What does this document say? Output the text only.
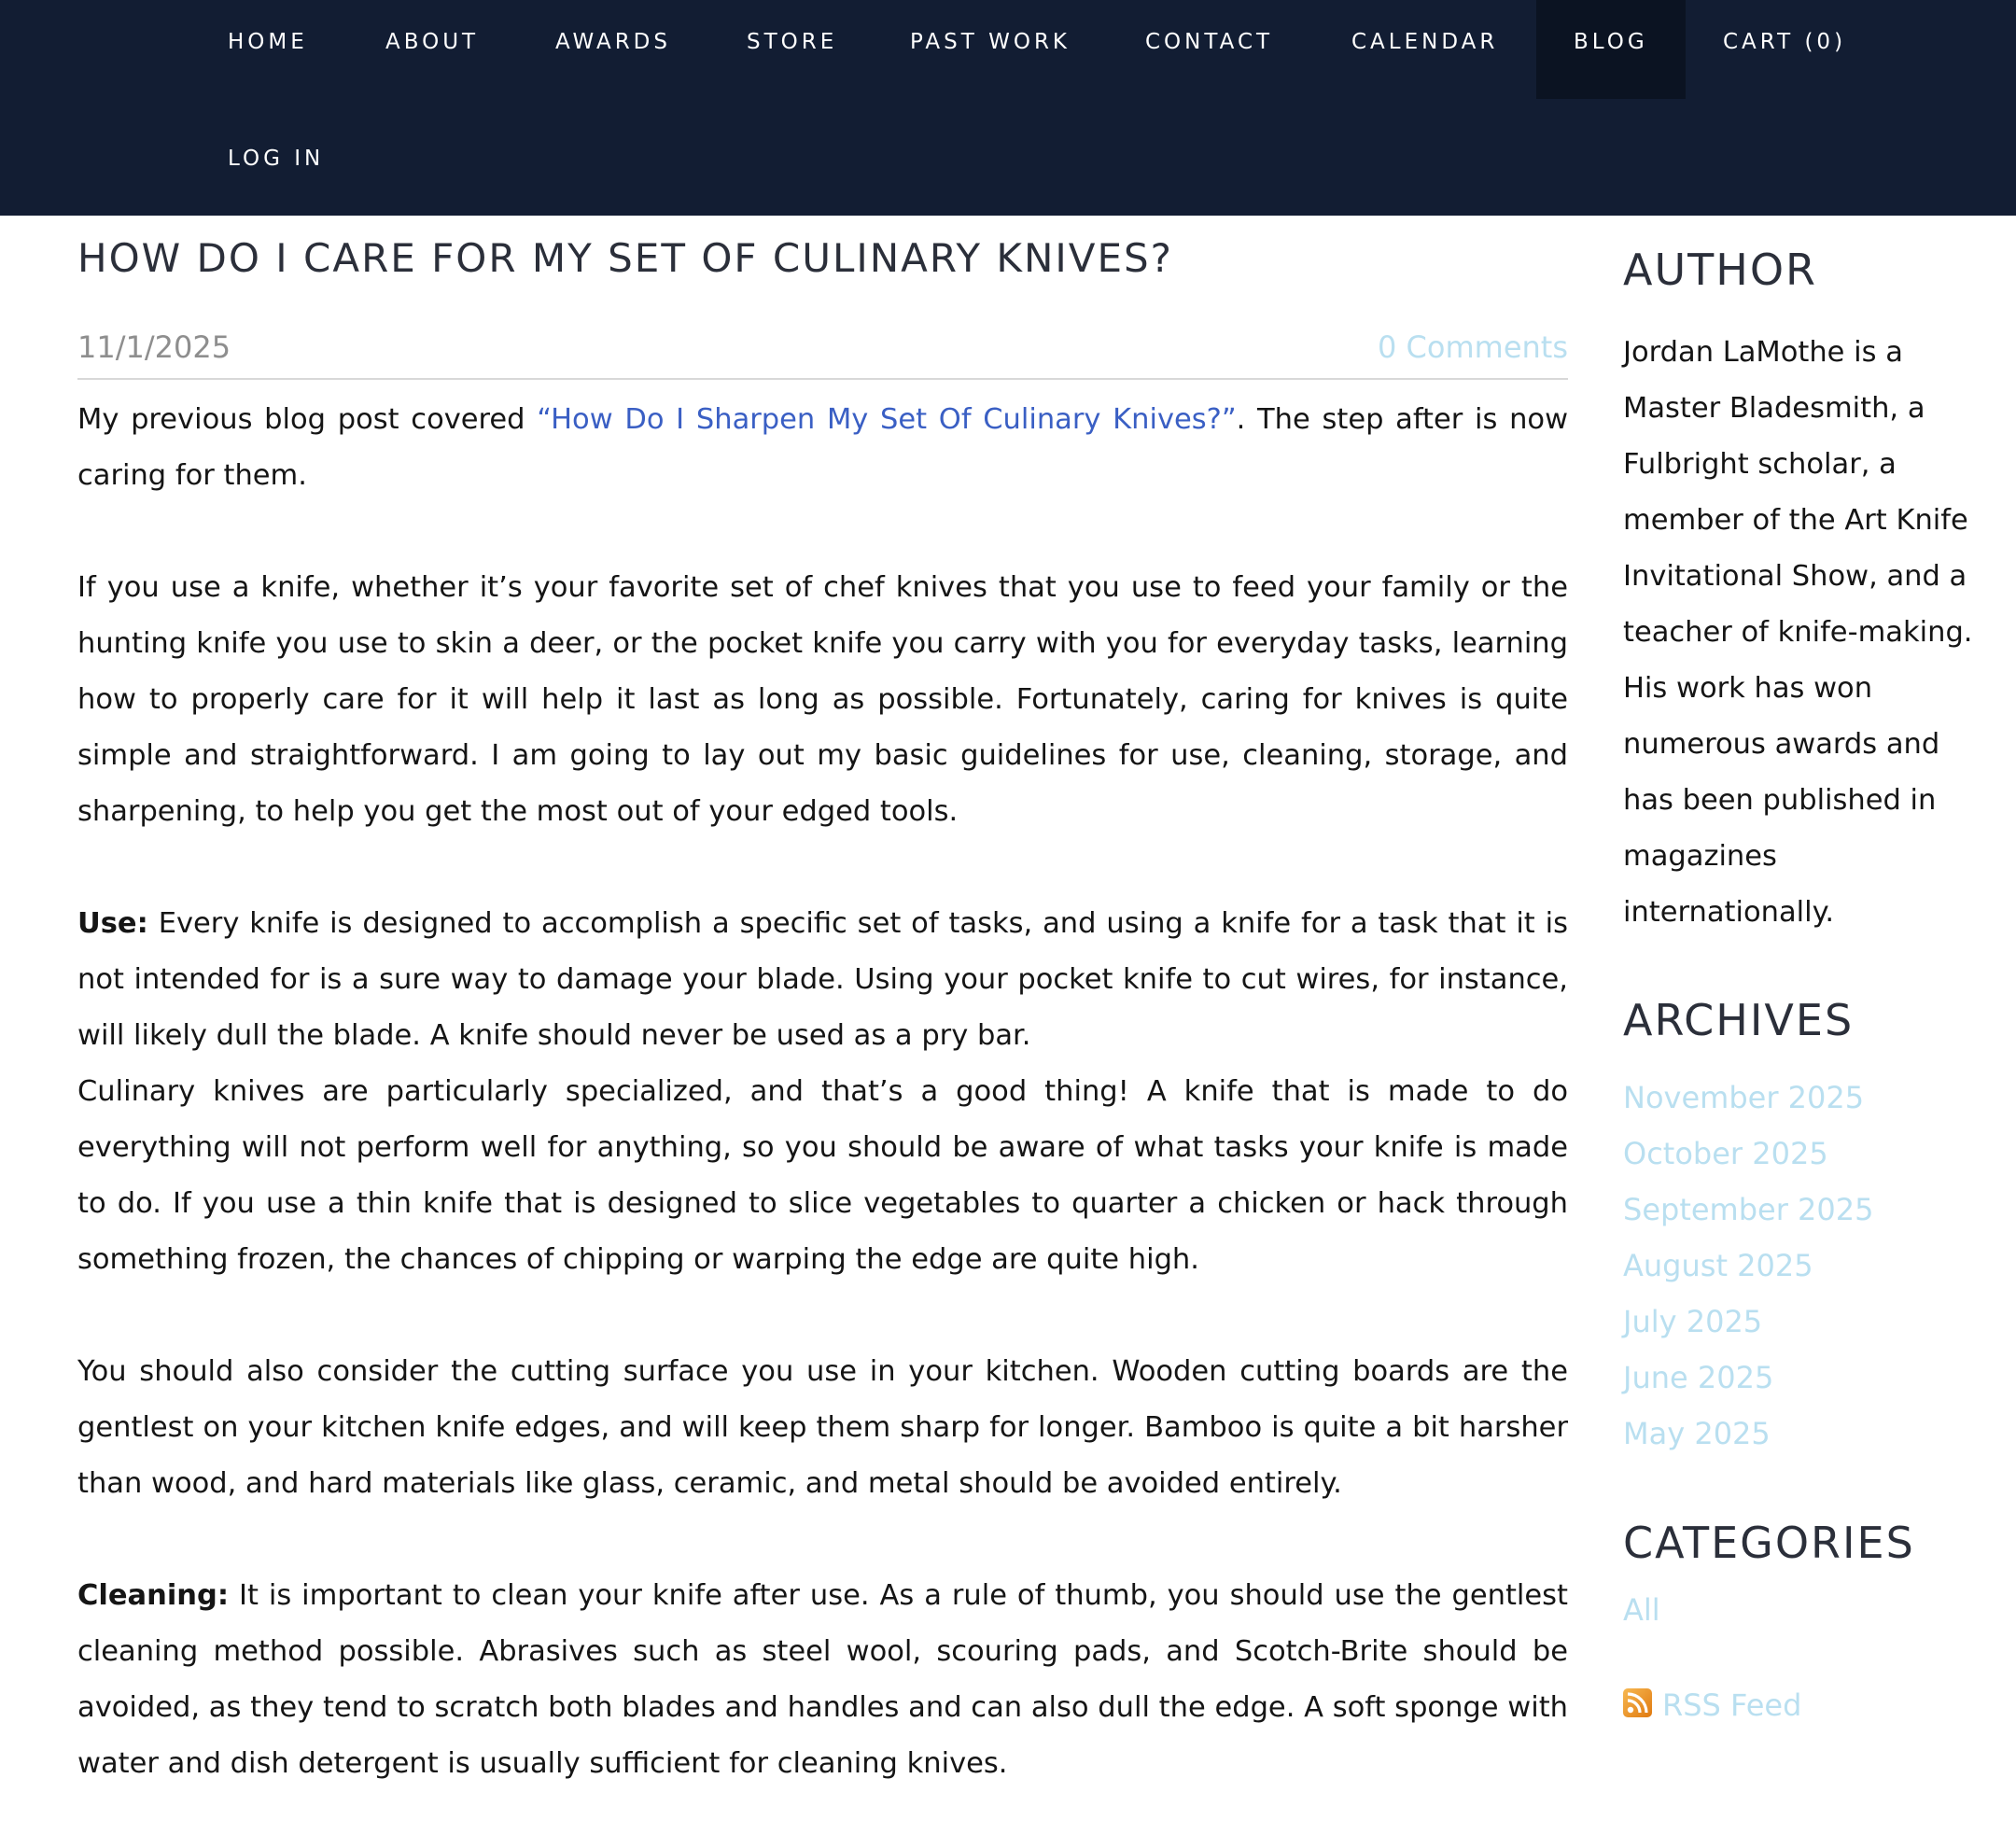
HOME	ABOUT	AWARDS	STORE	PAST WORK	CONTACT	CALENDAR	BLOG	CART (0)
LOG IN
HOW DO I CARE FOR MY SET OF CULINARY KNIVES?
11/1/2025	0 Comments

My previous blog post covered “How Do I Sharpen My Set Of Culinary Knives?”. The step after is now caring for them.

If you use a knife, whether it’s your favorite set of chef knives that you use to feed your family or the hunting knife you use to skin a deer, or the pocket knife you carry with you for everyday tasks, learning how to properly care for it will help it last as long as possible. Fortunately, caring for knives is quite simple and straightforward. I am going to lay out my basic guidelines for use, cleaning, storage, and sharpening, to help you get the most out of your edged tools.

Use: Every knife is designed to accomplish a specific set of tasks, and using a knife for a task that it is not intended for is a sure way to damage your blade. Using your pocket knife to cut wires, for instance, will likely dull the blade. A knife should never be used as a pry bar.

Culinary knives are particularly specialized, and that’s a good thing! A knife that is made to do everything will not perform well for anything, so you should be aware of what tasks your knife is made to do. If you use a thin knife that is designed to slice vegetables to quarter a chicken or hack through something frozen, the chances of chipping or warping the edge are quite high.

You should also consider the cutting surface you use in your kitchen. Wooden cutting boards are the gentlest on your kitchen knife edges, and will keep them sharp for longer. Bamboo is quite a bit harsher than wood, and hard materials like glass, ceramic, and metal should be avoided entirely.

Cleaning: It is important to clean your knife after use. As a rule of thumb, you should use the gentlest cleaning method possible. Abrasives such as steel wool, scouring pads, and Scotch-Brite should be avoided, as they tend to scratch both blades and handles and can also dull the edge. A soft sponge with water and dish detergent is usually sufficient for cleaning knives.

AUTHOR
Jordan LaMothe is a Master Bladesmith, a Fulbright scholar, a member of the Art Knife Invitational Show, and a teacher of knife-making. His work has won numerous awards and has been published in magazines internationally.
ARCHIVES
November 2025
October 2025
September 2025
August 2025
July 2025
June 2025
May 2025
CATEGORIES
All
RSS Feed
